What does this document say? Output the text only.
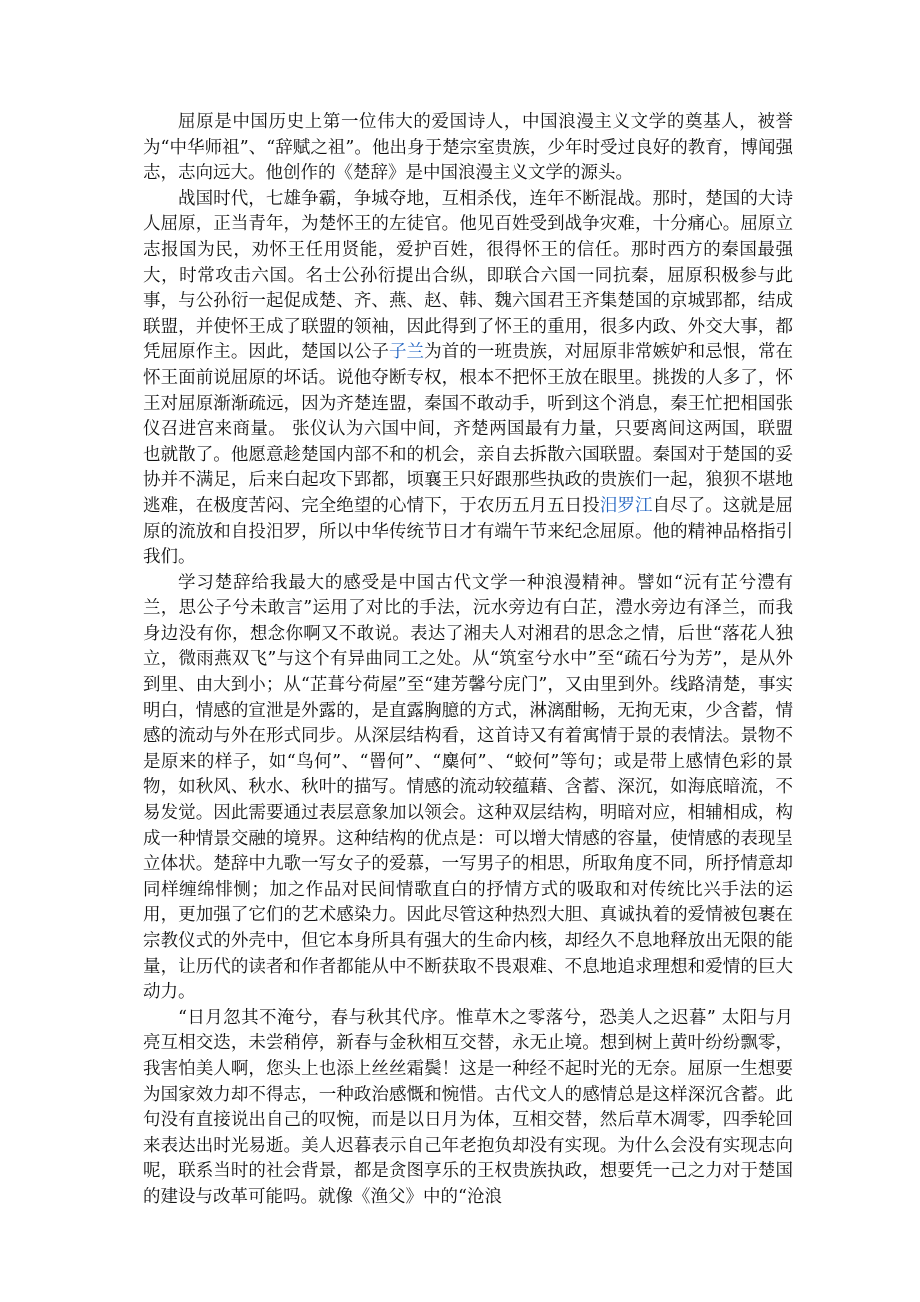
屈原是中国历史上第一位伟大的爱国诗人，中国浪漫主义文学的奠基人，被誉为“中华师祖”、“辞赋之祖”。他出身于楚宗室贵族，少年时受过良好的教育，博闻强志，志向远大。他创作的《楚辞》是中国浪漫主义文学的源头。

战国时代，七雄争霸，争城夺地，互相杀伐，连年不断混战。那时，楚国的大诗人屈原，正当青年，为楚怀王的左徒官。他见百姓受到战争灾难，十分痛心。屈原立志报国为民，劝怀王任用贤能，爱护百姓，很得怀王的信任。那时西方的秦国最强大，时常攻击六国。名士公孙衍提出合纵，即联合六国一同抗秦，屈原积极参与此事，与公孙衍一起促成楚、齐、燕、赵、韩、魏六国君王齐集楚国的京城郢都，结成联盟，并使怀王成了联盟的领袖，因此得到了怀王的重用，很多内政、外交大事，都凭屈原作主。因此，楚国以公子子兰为首的一班贵族，对屈原非常嫉妒和忌恨，常在怀王面前说屈原的坏话。说他夺断专权，根本不把怀王放在眼里。挑拨的人多了，怀王对屈原渐渐疏远，因为齐楚连盟，秦国不敢动手，听到这个消息，秦王忙把相国张仪召进宫来商量。 张仪认为六国中间，齐楚两国最有力量，只要离间这两国，联盟也就散了。他愿意趁楚国内部不和的机会，亲自去拆散六国联盟。秦国对于楚国的妥协并不满足，后来白起攻下郢都，顷襄王只好跟那些执政的贵族们一起，狼狈不堪地逃难，在极度苦闷、完全绝望的心情下，于农历五月五日投汨罗江自尽了。这就是屈原的流放和自投汨罗，所以中华传统节日才有端午节来纪念屈原。他的精神品格指引我们。

学习楚辞给我最大的感受是中国古代文学一种浪漫精神。譬如“沅有芷兮澧有兰，思公子兮未敢言”运用了对比的手法，沅水旁边有白芷，澧水旁边有泽兰，而我身边没有你，想念你啊又不敢说。表达了湘夫人对湘君的思念之情，后世“落花人独立，微雨燕双飞”与这个有异曲同工之处。从“筑室兮水中”至“疏石兮为芳”，是从外到里、由大到小；从“芷葺兮荷屋”至“建芳馨兮庑门”，又由里到外。线路清楚，事实明白，情感的宣泄是外露的，是直露胸臆的方式，淋漓酣畅，无拘无束，少含蓄，情感的流动与外在形式同步。从深层结构看，这首诗又有着寓情于景的表情法。景物不是原来的样子，如“鸟何”、“罾何”、“麋何”、“蛟何”等句；或是带上感情色彩的景物，如秋风、秋水、秋叶的描写。情感的流动较蕴藉、含蓄、深沉，如海底暗流，不易发觉。因此需要通过表层意象加以领会。这种双层结构，明暗对应，相辅相成，构成一种情景交融的境界。这种结构的优点是：可以增大情感的容量，使情感的表现呈立体状。楚辞中九歌一写女子的爱慕，一写男子的相思，所取角度不同，所抒情意却同样缠绵悱恻；加之作品对民间情歌直白的抒情方式的吸取和对传统比兴手法的运用，更加强了它们的艺术感染力。因此尽管这种热烈大胆、真诚执着的爱情被包裹在宗教仪式的外壳中，但它本身所具有强大的生命内核，却经久不息地释放出无限的能量，让历代的读者和作者都能从中不断获取不畏艰难、不息地追求理想和爱情的巨大动力。

“日月忽其不淹兮，春与秋其代序。惟草木之零落兮，恐美人之迟暮” 太阳与月亮互相交迭，未尝稍停，新春与金秋相互交替，永无止境。想到树上黄叶纷纷飘零，我害怕美人啊，您头上也添上丝丝霜鬓！这是一种经不起时光的无奈。屈原一生想要为国家效力却不得志，一种政治感慨和惋惜。古代文人的感情总是这样深沉含蓄。此句没有直接说出自己的叹惋，而是以日月为体，互相交替，然后草木凋零，四季轮回来表达出时光易逝。美人迟暮表示自己年老抱负却没有实现。为什么会没有实现志向呢，联系当时的社会背景，都是贪图享乐的王权贵族执政，想要凭一己之力对于楚国的建设与改革可能吗。就像《渔父》中的“沧浪
